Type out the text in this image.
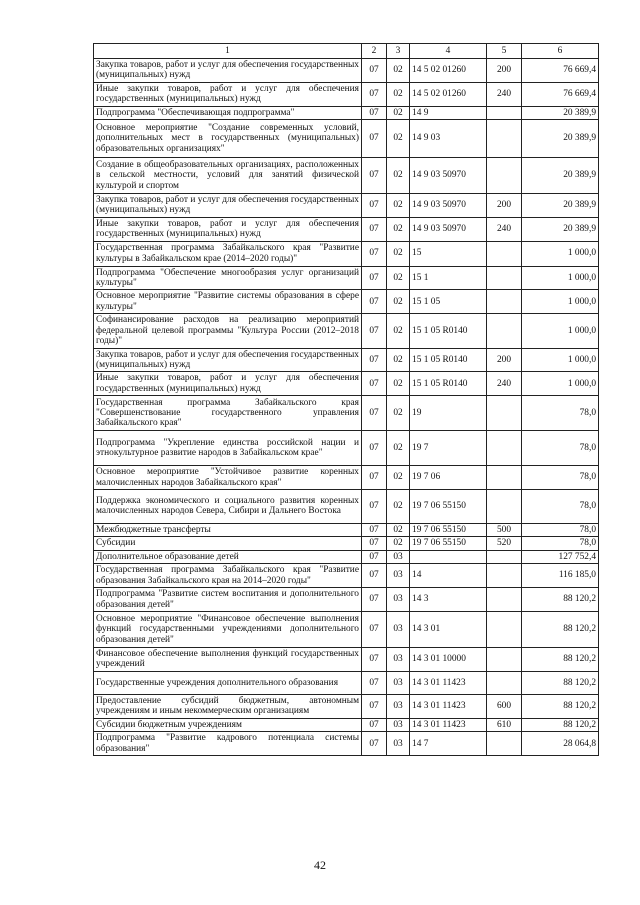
1	2	3	4	5	6
Закупка товаров, работ и услуг для обеспечения государственных (муниципальных) нужд	07	02	14 5 02 01260	200	76 669,4
Иные закупки товаров, работ и услуг для обеспечения государственных (муниципальных) нужд	07	02	14 5 02 01260	240	76 669,4
Подпрограмма "Обеспечивающая подпрограмма"	07	02	14 9		20 389,9
Основное мероприятие "Создание современных условий, дополнительных мест в государственных (муниципальных) образовательных организациях"	07	02	14 9 03		20 389,9
Создание в общеобразовательных организациях, расположенных в сельской местности, условий для занятий физической культурой и спортом	07	02	14 9 03 50970		20 389,9
Закупка товаров, работ и услуг для обеспечения государственных (муниципальных) нужд	07	02	14 9 03 50970	200	20 389,9
Иные закупки товаров, работ и услуг для обеспечения государственных (муниципальных) нужд	07	02	14 9 03 50970	240	20 389,9
Государственная программа Забайкальского края "Развитие культуры в Забайкальском крае (2014–2020 годы)"	07	02	15		1 000,0
Подпрограмма "Обеспечение многообразия услуг организаций культуры"	07	02	15 1		1 000,0
Основное мероприятие "Развитие системы образования в сфере культуры"	07	02	15 1 05		1 000,0
Софинансирование расходов на реализацию мероприятий федеральной целевой программы "Культура России (2012–2018 годы)"	07	02	15 1 05 R0140		1 000,0
Закупка товаров, работ и услуг для обеспечения государственных (муниципальных) нужд	07	02	15 1 05 R0140	200	1 000,0
Иные закупки товаров, работ и услуг для обеспечения государственных (муниципальных) нужд	07	02	15 1 05 R0140	240	1 000,0
Государственная программа Забайкальского края "Совершенствование государственного управления Забайкальского края"	07	02	19		78,0
Подпрограмма "Укрепление единства российской нации и этнокультурное развитие народов в Забайкальском крае"	07	02	19 7		78,0
Основное мероприятие "Устойчивое развитие коренных малочисленных народов Забайкальского края"	07	02	19 7 06		78,0
Поддержка экономического и социального развития коренных малочисленных народов Севера, Сибири и Дальнего Востока	07	02	19 7 06 55150		78,0
Межбюджетные трансферты	07	02	19 7 06 55150	500	78,0
Субсидии	07	02	19 7 06 55150	520	78,0
Дополнительное образование детей	07	03			127 752,4
Государственная программа Забайкальского края "Развитие образования Забайкальского края на 2014–2020 годы"	07	03	14		116 185,0
Подпрограмма "Развитие систем воспитания и дополнительного образования детей"	07	03	14 3		88 120,2
Основное мероприятие "Финансовое обеспечение выполнения функций государственными учреждениями дополнительного образования детей"	07	03	14 3 01		88 120,2
Финансовое обеспечение выполнения функций государственных учреждений	07	03	14 3 01 10000		88 120,2
Государственные учреждения дополнительного образования	07	03	14 3 01 11423		88 120,2
Предоставление субсидий бюджетным, автономным учреждениям и иным некоммерческим организациям	07	03	14 3 01 11423	600	88 120,2
Субсидии бюджетным учреждениям	07	03	14 3 01 11423	610	88 120,2
Подпрограмма "Развитие кадрового потенциала системы образования"	07	03	14 7		28 064,8
42
